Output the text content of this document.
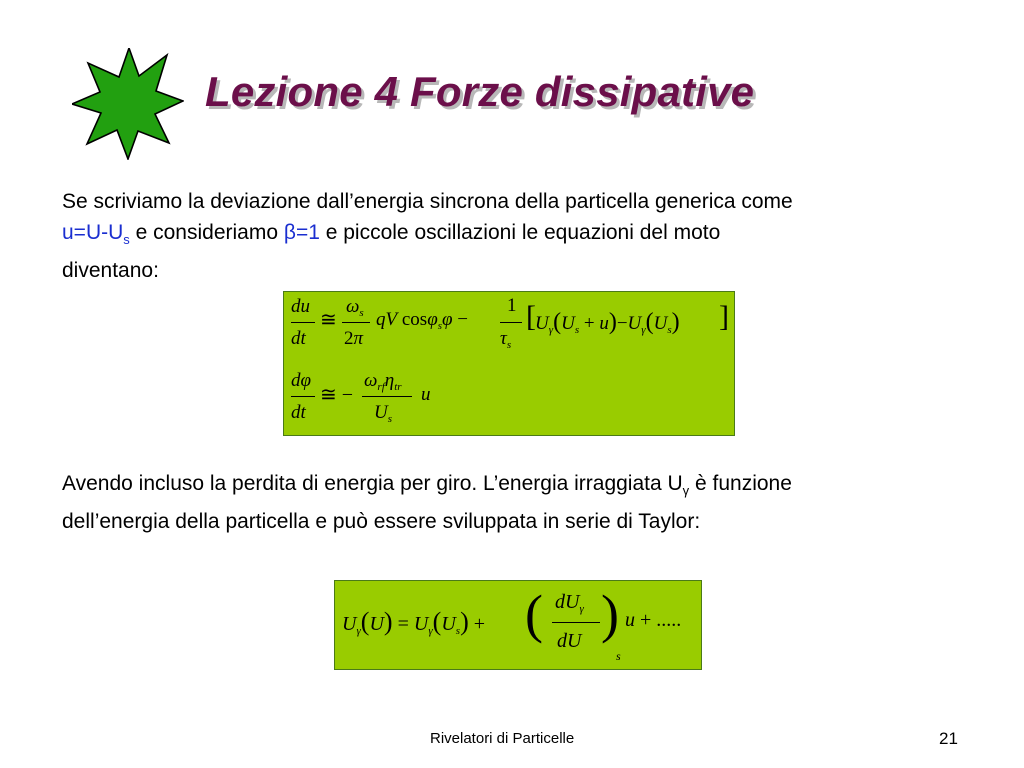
Lezione 4 Forze dissipative
Se scriviamo la deviazione dall’energia sincrona della particella generica come
$u=U-U_s$ e consideriamo β=1 e piccole oscillazioni le equazioni del moto
diventano:
du
dt
≅
$\omega_s$
2π
qV cosφ$_s$φ −
1
$\tau_s$
[ $U_\gamma(U_s + u)-U_\gamma(U_s)$ ]
dφ
dt
≅ −
$\omega_{rf}\eta_{tr}$
$U_s$
u
Avendo incluso la perdita di energia per giro. L’energia irraggiata $U_\gamma$ è funzione
dell’energia della particella e può essere sviluppata in serie di Taylor:
$U_\gamma(U) = U_\gamma(U_s)$ + ( $dU_\gamma$
dU )
s
u + .....
Rivelatori di Particelle	21
